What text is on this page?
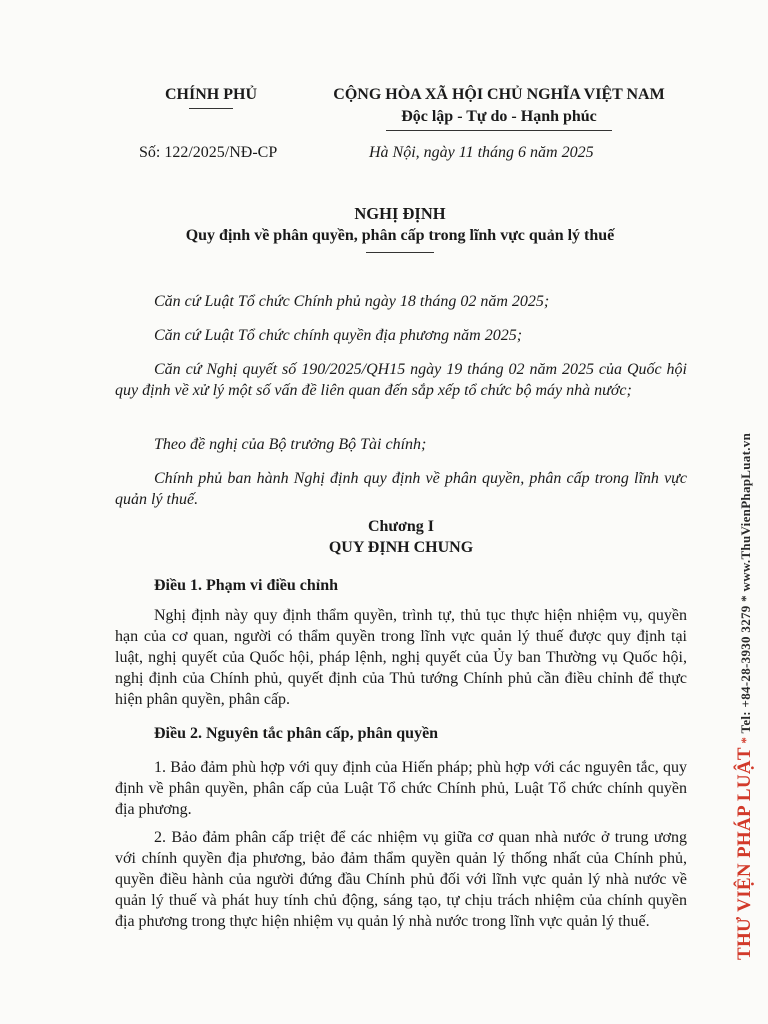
CHÍNH PHỦ	CỘNG HÒA XÃ HỘI CHỦ NGHĨA VIỆT NAM
Độc lập - Tự do - Hạnh phúc
Số: 122/2025/NĐ-CP	Hà Nội, ngày 11 tháng 6 năm 2025
NGHỊ ĐỊNH
Quy định về phân quyền, phân cấp trong lĩnh vực quản lý thuế
Căn cứ Luật Tổ chức Chính phủ ngày 18 tháng 02 năm 2025;
Căn cứ Luật Tổ chức chính quyền địa phương năm 2025;
Căn cứ Nghị quyết số 190/2025/QH15 ngày 19 tháng 02 năm 2025 của Quốc hội quy định về xử lý một số vấn đề liên quan đến sắp xếp tổ chức bộ máy nhà nước;
Theo đề nghị của Bộ trưởng Bộ Tài chính;
Chính phủ ban hành Nghị định quy định về phân quyền, phân cấp trong lĩnh vực quản lý thuế.
Chương I
QUY ĐỊNH CHUNG
Điều 1. Phạm vi điều chỉnh
Nghị định này quy định thẩm quyền, trình tự, thủ tục thực hiện nhiệm vụ, quyền hạn của cơ quan, người có thẩm quyền trong lĩnh vực quản lý thuế được quy định tại luật, nghị quyết của Quốc hội, pháp lệnh, nghị quyết của Ủy ban Thường vụ Quốc hội, nghị định của Chính phủ, quyết định của Thủ tướng Chính phủ cần điều chỉnh để thực hiện phân quyền, phân cấp.
Điều 2. Nguyên tắc phân cấp, phân quyền
1. Bảo đảm phù hợp với quy định của Hiến pháp; phù hợp với các nguyên tắc, quy định về phân quyền, phân cấp của Luật Tổ chức Chính phủ, Luật Tổ chức chính quyền địa phương.
2. Bảo đảm phân cấp triệt để các nhiệm vụ giữa cơ quan nhà nước ở trung ương với chính quyền địa phương, bảo đảm thẩm quyền quản lý thống nhất của Chính phủ, quyền điều hành của người đứng đầu Chính phủ đối với lĩnh vực quản lý nhà nước về quản lý thuế và phát huy tính chủ động, sáng tạo, tự chịu trách nhiệm của chính quyền địa phương trong thực hiện nhiệm vụ quản lý nhà nước trong lĩnh vực quản lý thuế.	THƯ VIỆN PHÁP LUẬT * Tel: +84-28-3930 3279 * www.ThuVienPhapLuat.vn
